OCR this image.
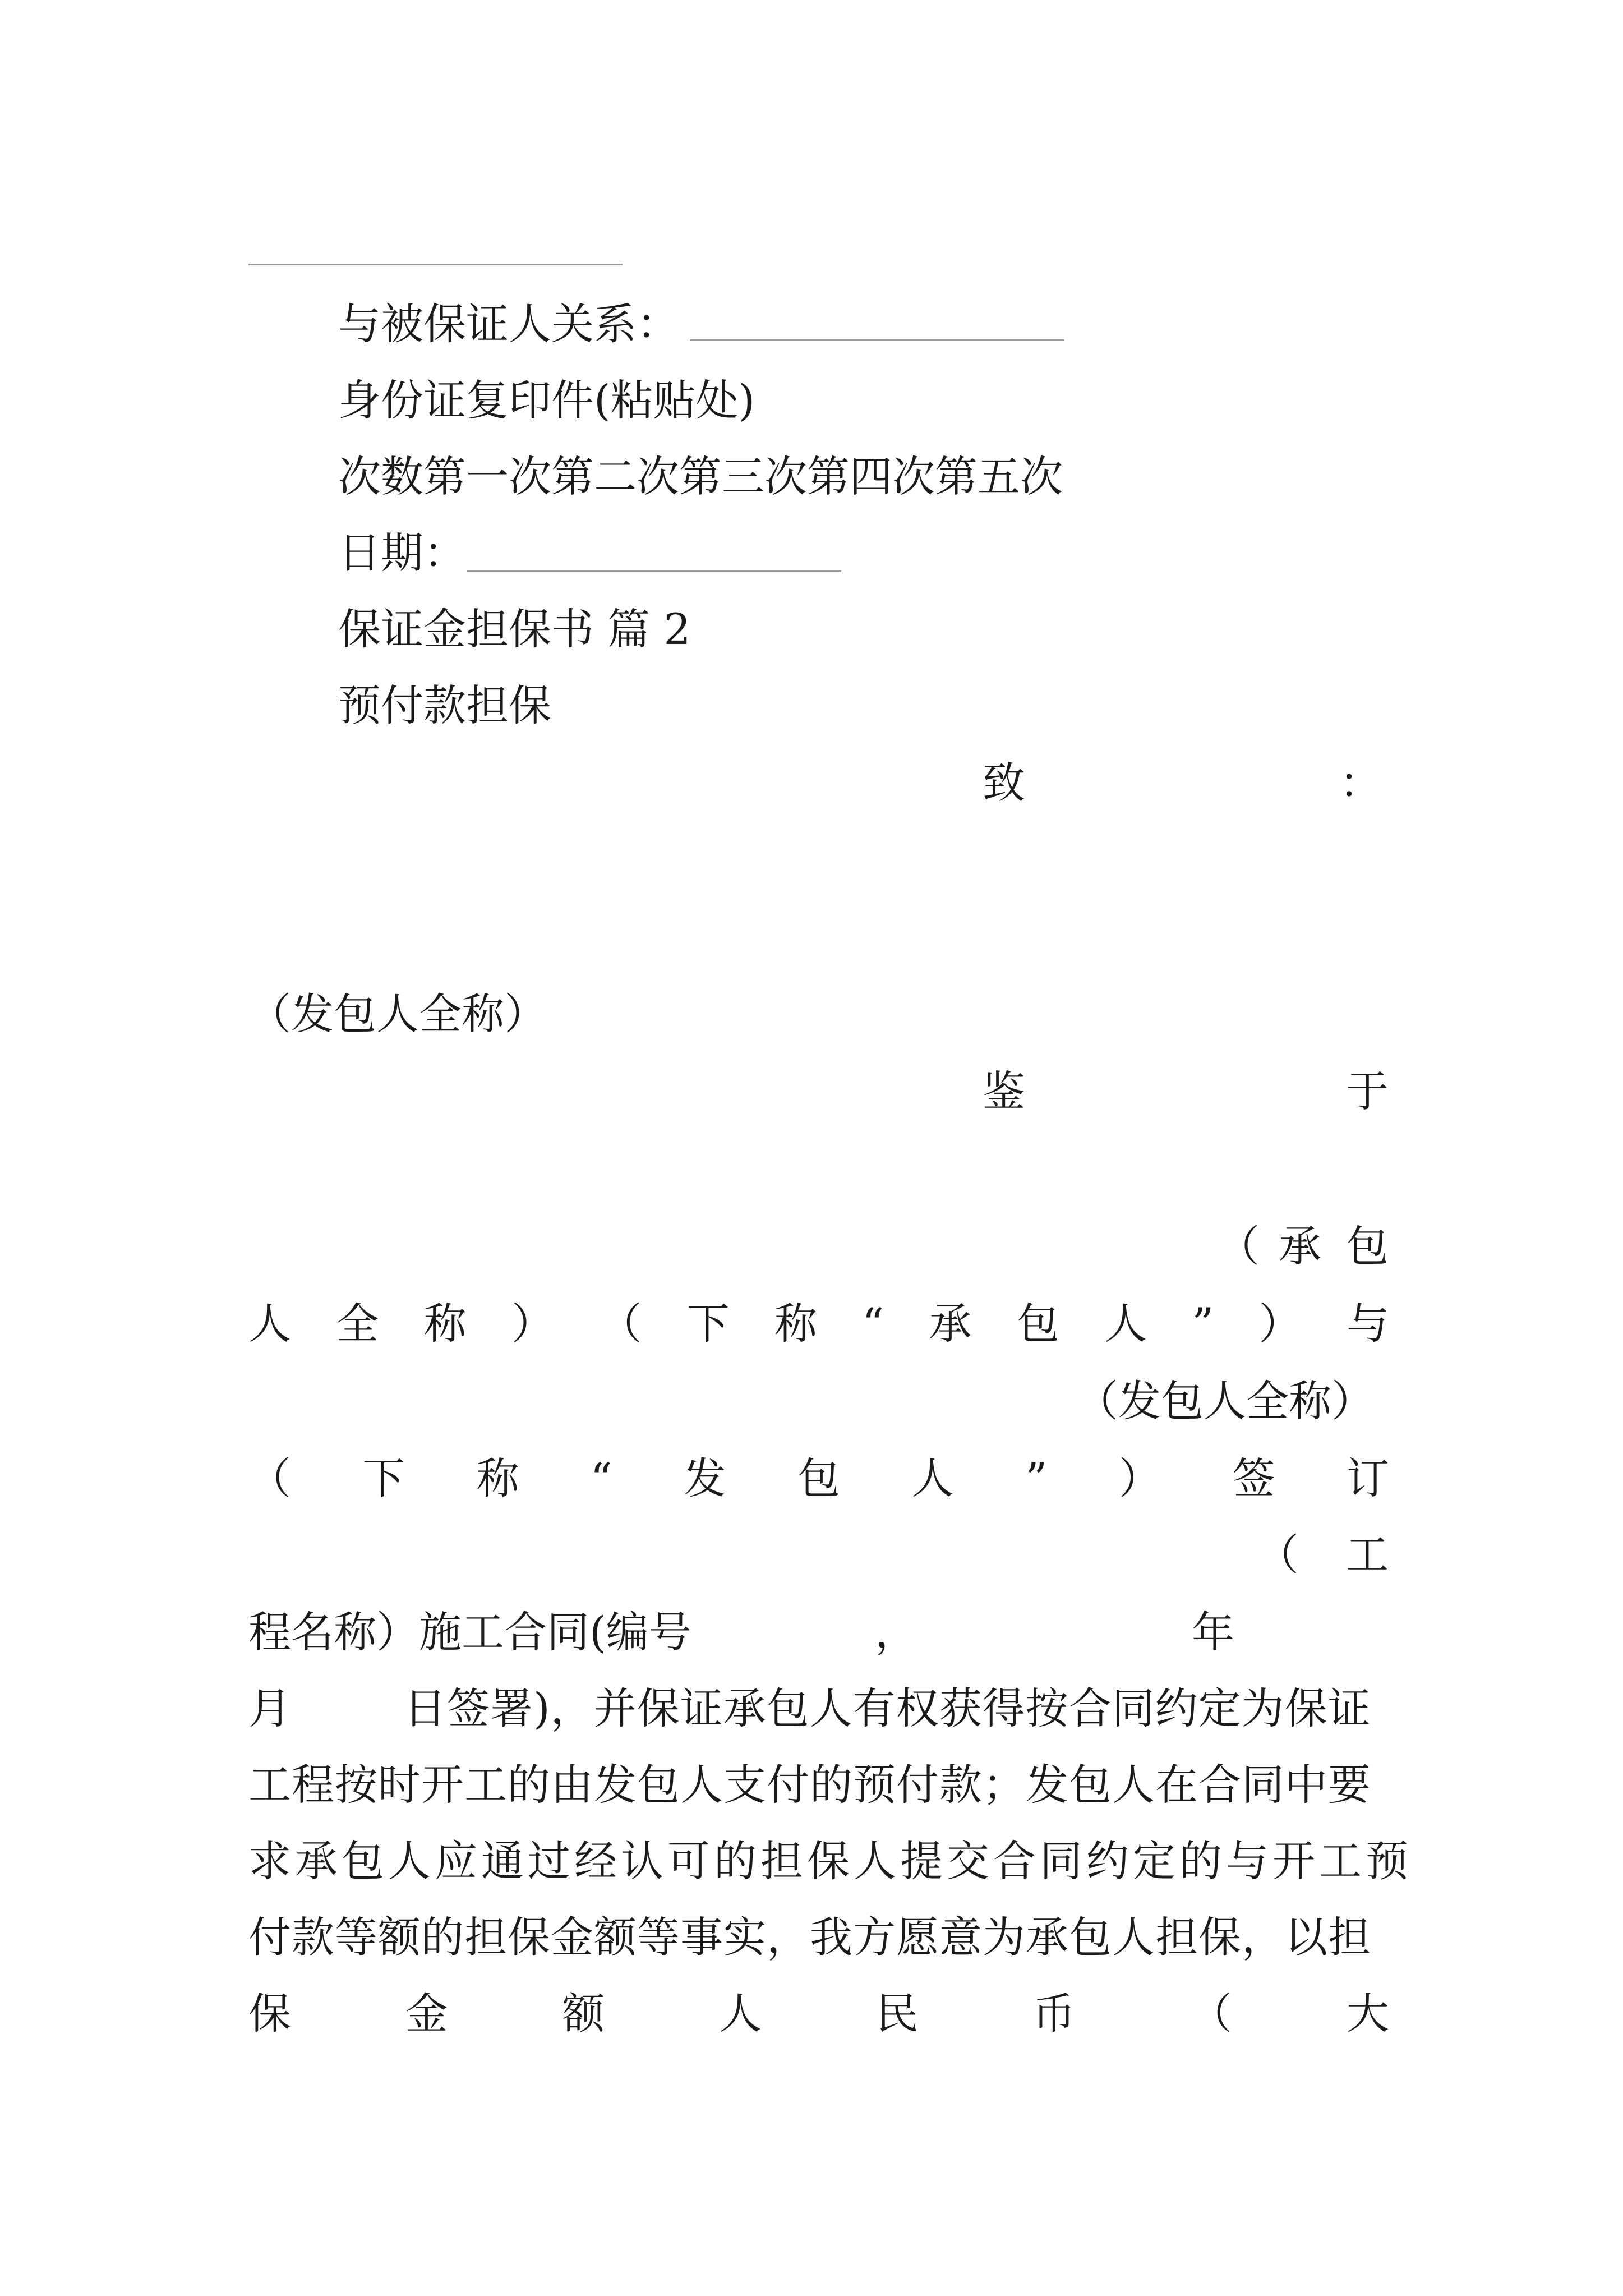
与被保证人关系：
身份证复印件(粘贴处)
次数第一次第二次第三次第四次第五次
日期：
保证金担保书 篇 2
预付款担保
致	：
（发包人全称）
鉴	于
（ 承 包
人 全 称 ） （ 下 称 “ 承 包 人 ” ） 与
（发包人全称）
（ 下 称 “ 发 包 人 ” ） 签 订
（ 工
程名称）施工合同(编号	，	年
月	日签署)，并保证承包人有权获得按合同约定为保证
工程按时开工的由发包人支付的预付款；发包人在合同中要
求承包人应通过经认可的担保人提交合同约定的与开工预
付款等额的担保金额等事实，我方愿意为承包人担保，以担
保	金	额	人	民	币	（	大
